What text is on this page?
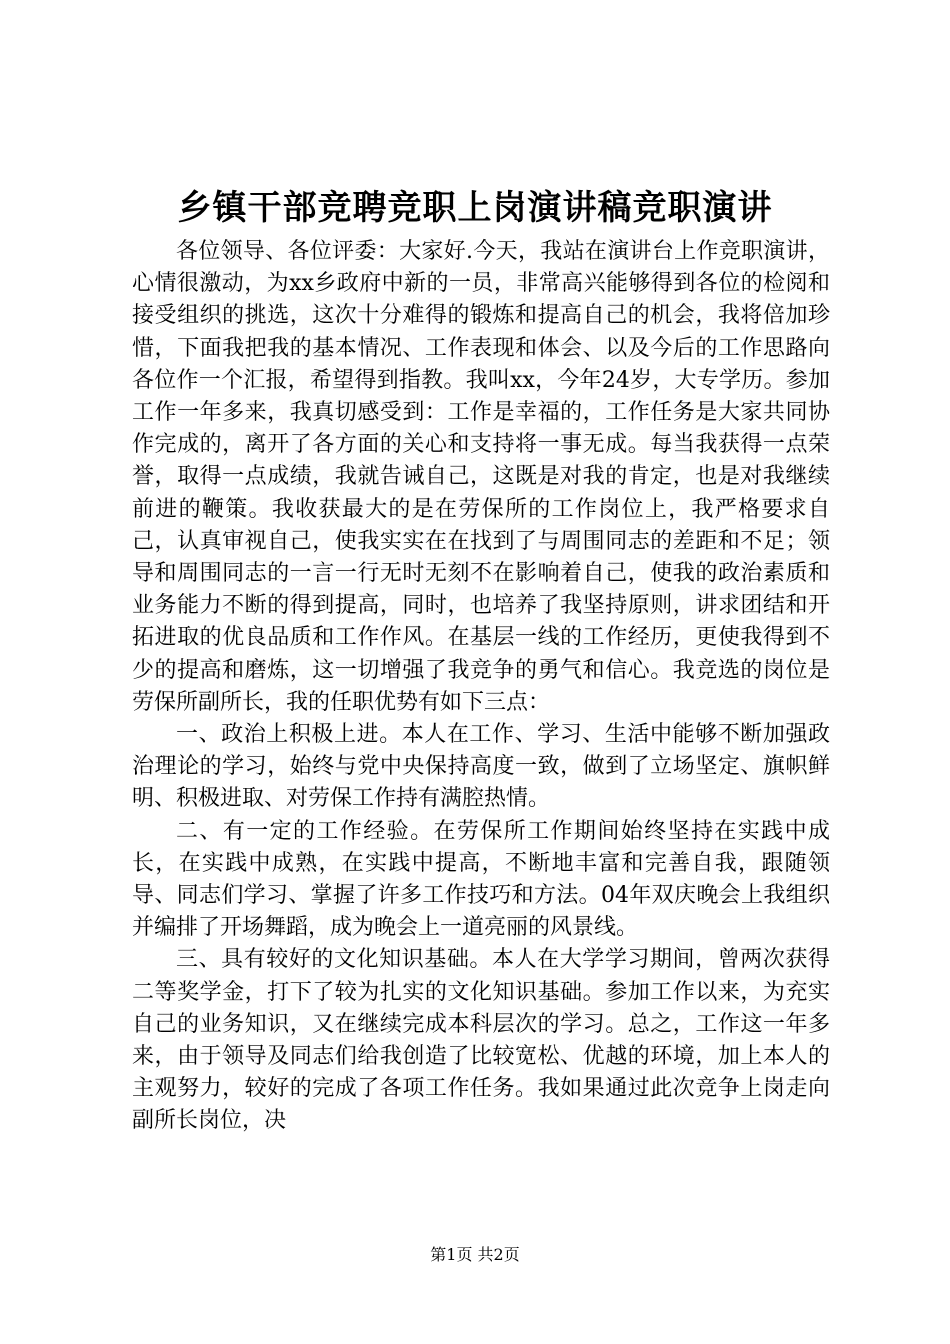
乡镇干部竞聘竞职上岗演讲稿竞职演讲

各位领导、各位评委：大家好.今天，我站在演讲台上作竞职演讲，心情很激动，为xx乡政府中新的一员，非常高兴能够得到各位的检阅和接受组织的挑选，这次十分难得的锻炼和提高自己的机会，我将倍加珍惜，下面我把我的基本情况、工作表现和体会、以及今后的工作思路向各位作一个汇报，希望得到指教。我叫xx，今年24岁，大专学历。参加工作一年多来，我真切感受到：工作是幸福的，工作任务是大家共同协作完成的，离开了各方面的关心和支持将一事无成。每当我获得一点荣誉，取得一点成绩，我就告诫自己，这既是对我的肯定，也是对我继续前进的鞭策。我收获最大的是在劳保所的工作岗位上，我严格要求自己，认真审视自己，使我实实在在找到了与周围同志的差距和不足；领导和周围同志的一言一行无时无刻不在影响着自己，使我的政治素质和业务能力不断的得到提高，同时，也培养了我坚持原则，讲求团结和开拓进取的优良品质和工作作风。在基层一线的工作经历，更使我得到不少的提高和磨炼，这一切增强了我竞争的勇气和信心。我竞选的岗位是劳保所副所长，我的任职优势有如下三点：

一、政治上积极上进。本人在工作、学习、生活中能够不断加强政治理论的学习，始终与党中央保持高度一致，做到了立场坚定、旗帜鲜明、积极进取、对劳保工作持有满腔热情。

二、有一定的工作经验。在劳保所工作期间始终坚持在实践中成长，在实践中成熟，在实践中提高，不断地丰富和完善自我，跟随领导、同志们学习、掌握了许多工作技巧和方法。04年双庆晚会上我组织并编排了开场舞蹈，成为晚会上一道亮丽的风景线。

三、具有较好的文化知识基础。本人在大学学习期间，曾两次获得二等奖学金，打下了较为扎实的文化知识基础。参加工作以来，为充实自己的业务知识，又在继续完成本科层次的学习。总之，工作这一年多来，由于领导及同志们给我创造了比较宽松、优越的环境，加上本人的主观努力，较好的完成了各项工作任务。我如果通过此次竞争上岗走向副所长岗位，决

第1页 共2页
